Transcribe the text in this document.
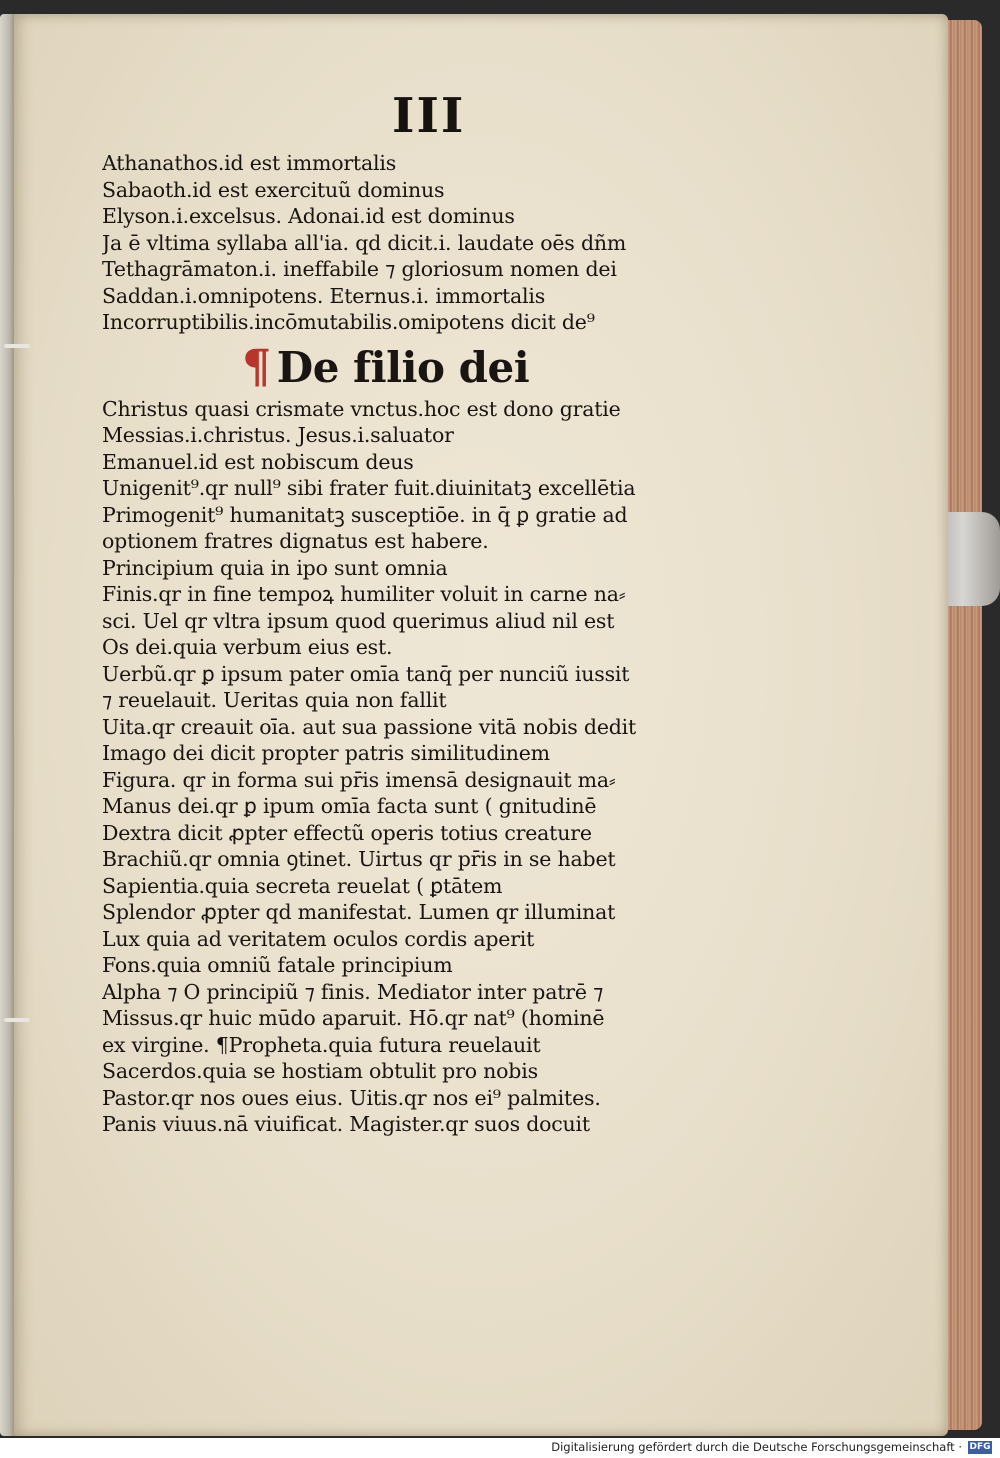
III
Athanathos.id est immortalis
Sabaoth.id est exercituũ dominus
Elyson.i.excelsus. Adonai.id est dominus
Ja ē vltima syllaba all'ia. qd dicit.i. laudate oēs dñm
Tethagrāmaton.i. ineffabile ⁊ gloriosum nomen dei
Saddan.i.omnipotens. Eternus.i. immortalis
Incorruptibilis.incōmutabilis.omipotens dicit de⁹
¶ De filio dei
Christus quasi crismate vnctus.hoc est dono gratie
Messias.i.christus. Jesus.i.saluator
Emanuel.id est nobiscum deus
Unigenit⁹.qr null⁹ sibi frater fuit.diuinitatꝫ excellētia
Primogenit⁹ humanitatꝫ susceptiōe. in q̄ ꝑ gratie ad
optionem fratres dignatus est habere.
Principium quia in ipo sunt omnia
Finis.qr in fine tempoꝝ humiliter voluit in carne na⸗
sci. Uel qr vltra ipsum quod querimus aliud nil est
Os dei.quia verbum eius est.
Uerbũ.qr ꝑ ipsum pater omīa tanq̄ per nunciũ iussit
⁊ reuelauit. Ueritas quia non fallit
Uita.qr creauit oīa. aut sua passione vitā nobis dedit
Imago dei dicit propter patris similitudinem
Figura. qr in forma sui pr̄is imensā designauit ma⸗
Manus dei.qr ꝑ ipum omīa facta sunt ( gnitudinē
Dextra dicit ꝓpter effectũ operis totius creature
Brachiũ.qr omnia ꝯtinet. Uirtus qr pr̄is in se habet
Sapientia.quia secreta reuelat ( ꝑtātem
Splendor ꝓpter qd manifestat. Lumen qr illuminat
Lux quia ad veritatem oculos cordis aperit
Fons.quia omniũ fatale principium
Alpha ⁊ O principiũ ⁊ finis. Mediator inter patrē ⁊
Missus.qr huic mūdo aparuit. Hō.qr nat⁹ (hominē
ex virgine. ¶Propheta.quia futura reuelauit
Sacerdos.quia se hostiam obtulit pro nobis
Pastor.qr nos oues eius. Uitis.qr nos ei⁹ palmites.
Panis viuus.nā viuificat. Magister.qr suos docuit
Digitalisierung gefördert durch die Deutsche Forschungsgemeinschaft · DFG
